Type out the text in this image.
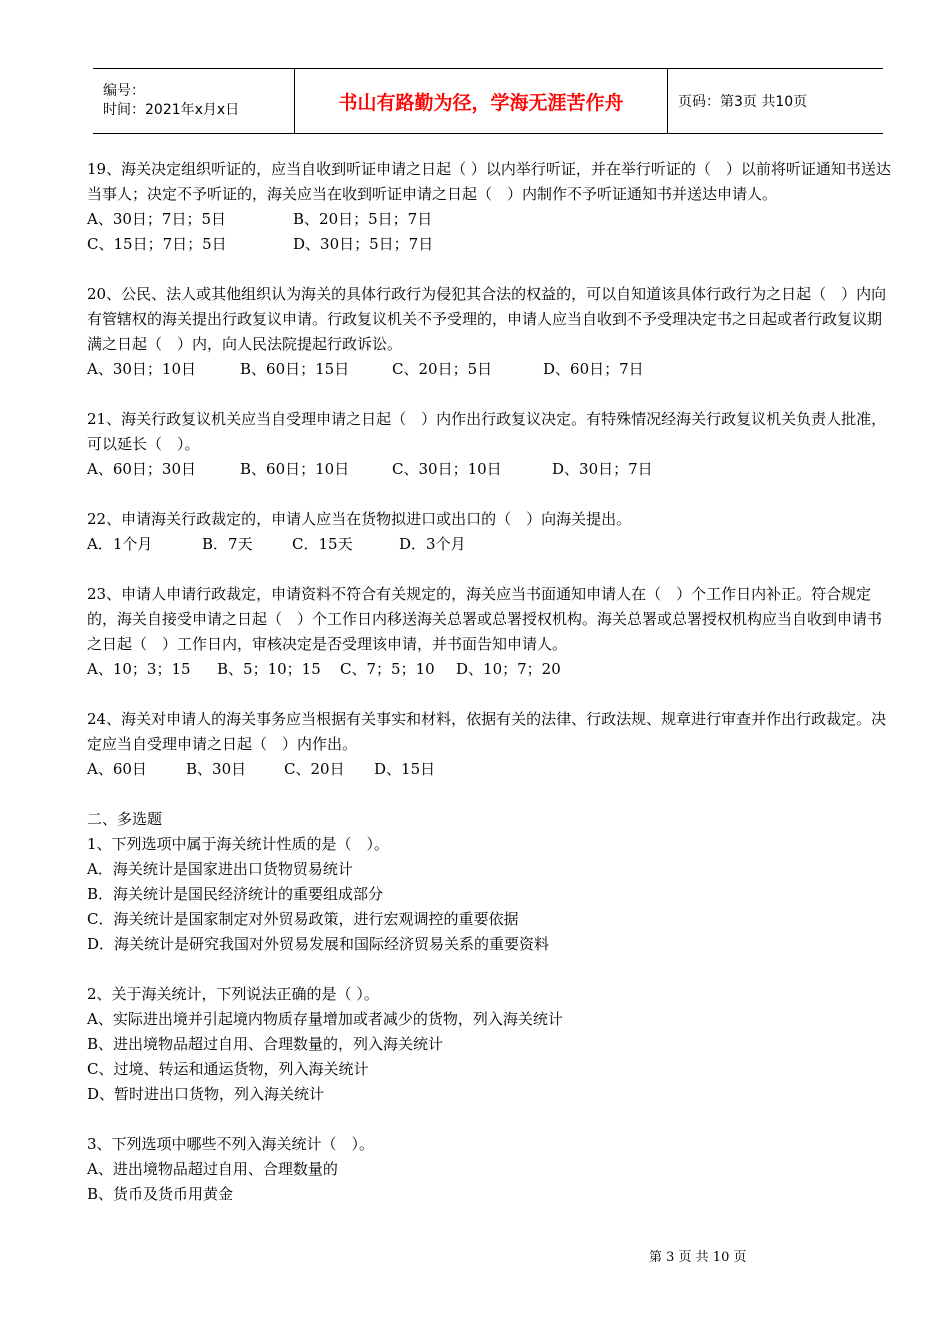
编号：
时间：2021年x月x日	书山有路勤为径，学海无涯苦作舟	页码：第3页 共10页
19、海关决定组织听证的，应当自收到听证申请之日起（ ）以内举行听证，并在举行听证的（　）以前将听证通知书送达当事人；决定不予听证的，海关应当在收到听证申请之日起（　）内制作不予听证通知书并送达申请人。
A、30日；7日；5日	B、20日；5日；7日
C、15日；7日；5日	D、30日；5日；7日
20、公民、法人或其他组织认为海关的具体行政行为侵犯其合法的权益的，可以自知道该具体行政行为之日起（　）内向有管辖权的海关提出行政复议申请。行政复议机关不予受理的，申请人应当自收到不予受理决定书之日起或者行政复议期满之日起（　）内，向人民法院提起行政诉讼。
A、30日；10日	B、60日；15日	C、20日；5日	D、60日；7日
21、海关行政复议机关应当自受理申请之日起（　）内作出行政复议决定。有特殊情况经海关行政复议机关负责人批准，可以延长（　）。
A、60日；30日	B、60日；10日	C、30日；10日	D、30日；7日
22、申请海关行政裁定的，申请人应当在货物拟进口或出口的（　）向海关提出。
A．1个月	B．7天	C．15天	D．3个月
23、申请人申请行政裁定，申请资料不符合有关规定的，海关应当书面通知申请人在（　）个工作日内补正。符合规定的，海关自接受申请之日起（　）个工作日内移送海关总署或总署授权机构。海关总署或总署授权机构应当自收到申请书之日起（　）工作日内，审核决定是否受理该申请，并书面告知申请人。
A、10；3；15 B、5；10；15 C、7；5；10 D、10；7；20
24、海关对申请人的海关事务应当根据有关事实和材料，依据有关的法律、行政法规、规章进行审查并作出行政裁定。决定应当自受理申请之日起（　）内作出。
A、60日	B、30日	C、20日 D、15日
二、多选题
1、下列选项中属于海关统计性质的是（　）。
A．海关统计是国家进出口货物贸易统计
B．海关统计是国民经济统计的重要组成部分
C．海关统计是国家制定对外贸易政策，进行宏观调控的重要依据
D．海关统计是研究我国对外贸易发展和国际经济贸易关系的重要资料
2、关于海关统计，下列说法正确的是（ ）。
A、实际进出境并引起境内物质存量增加或者减少的货物，列入海关统计
B、进出境物品超过自用、合理数量的，列入海关统计
C、过境、转运和通运货物，列入海关统计
D、暂时进出口货物，列入海关统计
3、下列选项中哪些不列入海关统计（　）。
A、进出境物品超过自用、合理数量的
B、货币及货币用黄金
第 3 页 共 10 页
